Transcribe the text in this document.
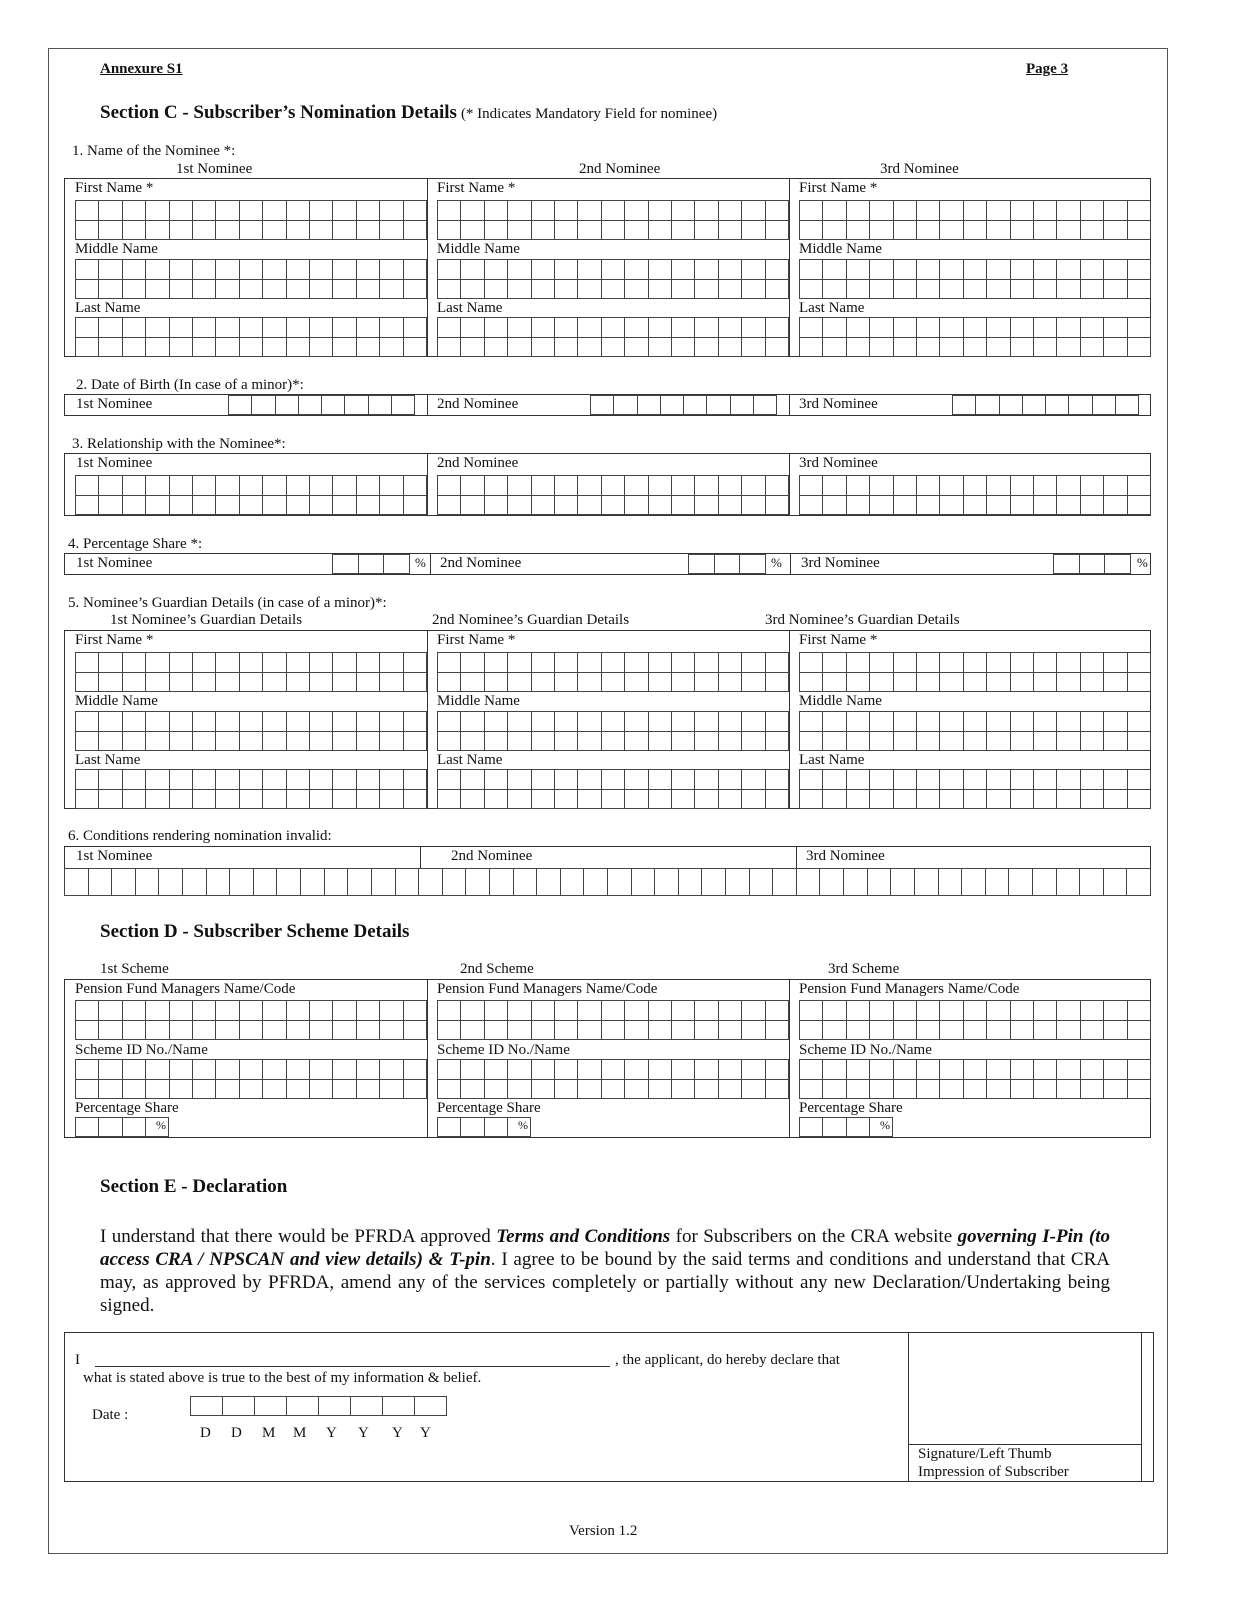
Annexure S1	Page 3
Section C - Subscriber’s Nomination Details (* Indicates Mandatory Field for nominee)
1. Name of the Nominee *:
1st Nominee	2nd Nominee	3rd Nominee
First Name *	First Name *	First Name *
Middle Name	Middle Name	Middle Name
Last Name	Last Name	Last Name
2. Date of Birth (In case of a minor)*:
1st Nominee	2nd Nominee	3rd Nominee
3. Relationship with the Nominee*:
1st Nominee	2nd Nominee	3rd Nominee
4. Percentage Share *:
1st Nominee	2nd Nominee	3rd Nominee
%	%	%
5. Nominee’s Guardian Details (in case of a minor)*:
1st Nominee’s Guardian Details	2nd Nominee’s Guardian Details	3rd Nominee’s Guardian Details
First Name *	First Name *	First Name *
Middle Name	Middle Name	Middle Name
Last Name	Last Name	Last Name
6. Conditions rendering nomination invalid:
1st Nominee	2nd Nominee	3rd Nominee
Section D - Subscriber Scheme Details
1st Scheme	2nd Scheme	3rd Scheme
Pension Fund Managers Name/Code	Pension Fund Managers Name/Code	Pension Fund Managers Name/Code
Scheme ID No./Name	Scheme ID No./Name	Scheme ID No./Name
Percentage Share	Percentage Share	Percentage Share
%	%	%
Section E - Declaration
I understand that there would be PFRDA approved Terms and Conditions for Subscribers on the CRA website governing I-Pin (to access CRA / NPSCAN and view details) & T-pin. I agree to be bound by the said terms and conditions and understand that CRA may, as approved by PFRDA, amend any of the services completely or partially without any new Declaration/Undertaking being signed.
Signature/Left Thumb
Impression of Subscriber
I	, the applicant, do hereby declare that
what is stated above is true to the best of my information & belief.
Date :
D D M M Y Y Y Y
Version 1.2
